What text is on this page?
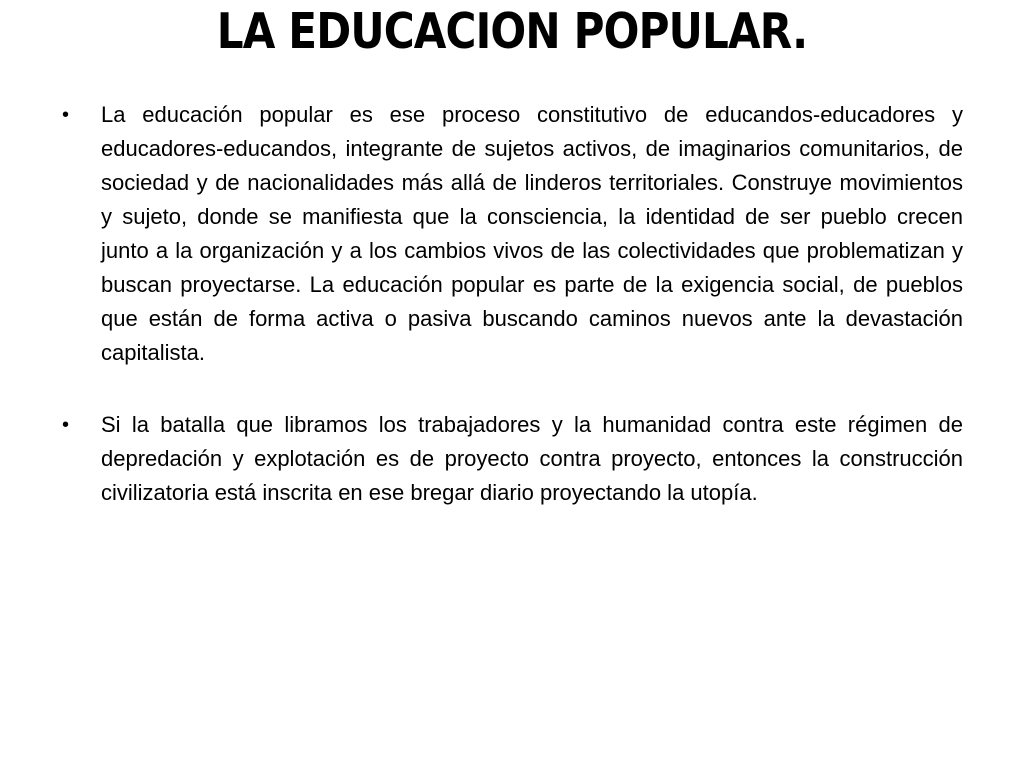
LA EDUCACION POPULAR.
• La educación popular es ese proceso constitutivo de educandos-educadores y educadores-educandos, integrante de sujetos activos, de imaginarios comunitarios, de sociedad y de nacionalidades más allá de linderos territoriales. Construye movimientos y sujeto, donde se manifiesta que la consciencia, la identidad de ser pueblo crecen junto a la organización y a los cambios vivos de las colectividades que problematizan y buscan proyectarse. La educación popular es parte de la exigencia social, de pueblos que están de forma activa o pasiva buscando caminos nuevos ante la devastación capitalista.
• Si la batalla que libramos los trabajadores y la humanidad contra este régimen de depredación y explotación es de proyecto contra proyecto, entonces la construcción civilizatoria está inscrita en ese bregar diario proyectando la utopía.
